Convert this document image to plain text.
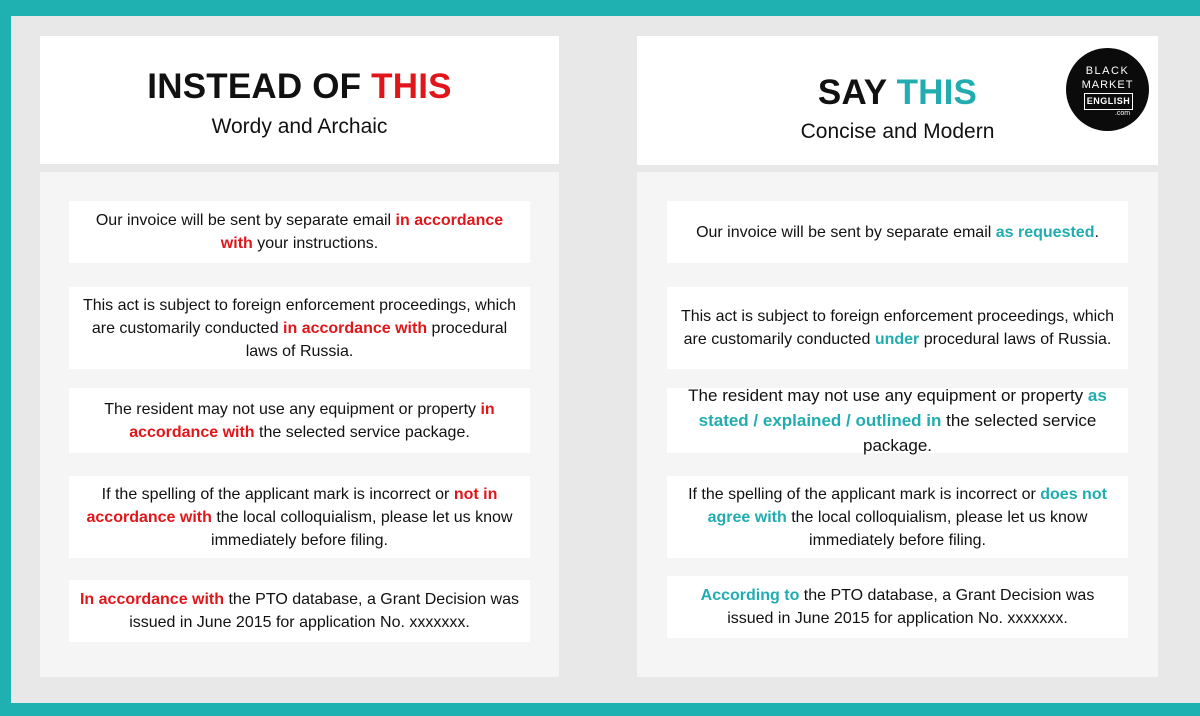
INSTEAD OF THIS
Wordy and Archaic
SAY THIS
Concise and Modern

Our invoice will be sent by separate email in accordance with your instructions.

This act is subject to foreign enforcement proceedings, which are customarily conducted in accordance with procedural laws of Russia.

The resident may not use any equipment or property in accordance with the selected service package.

If the spelling of the applicant mark is incorrect or not in accordance with the local colloquialism, please let us know immediately before filing.

In accordance with the PTO database, a Grant Decision was issued in June 2015 for application No. xxxxxxx.

Our invoice will be sent by separate email as requested.

This act is subject to foreign enforcement proceedings, which are customarily conducted under procedural laws of Russia.

The resident may not use any equipment or property as stated / explained / outlined in the selected service package.

If the spelling of the applicant mark is incorrect or does not agree with the local colloquialism, please let us know immediately before filing.

According to the PTO database, a Grant Decision was issued in June 2015 for application No. xxxxxxx.

BLACK
MARKET
ENGLISH
.com
